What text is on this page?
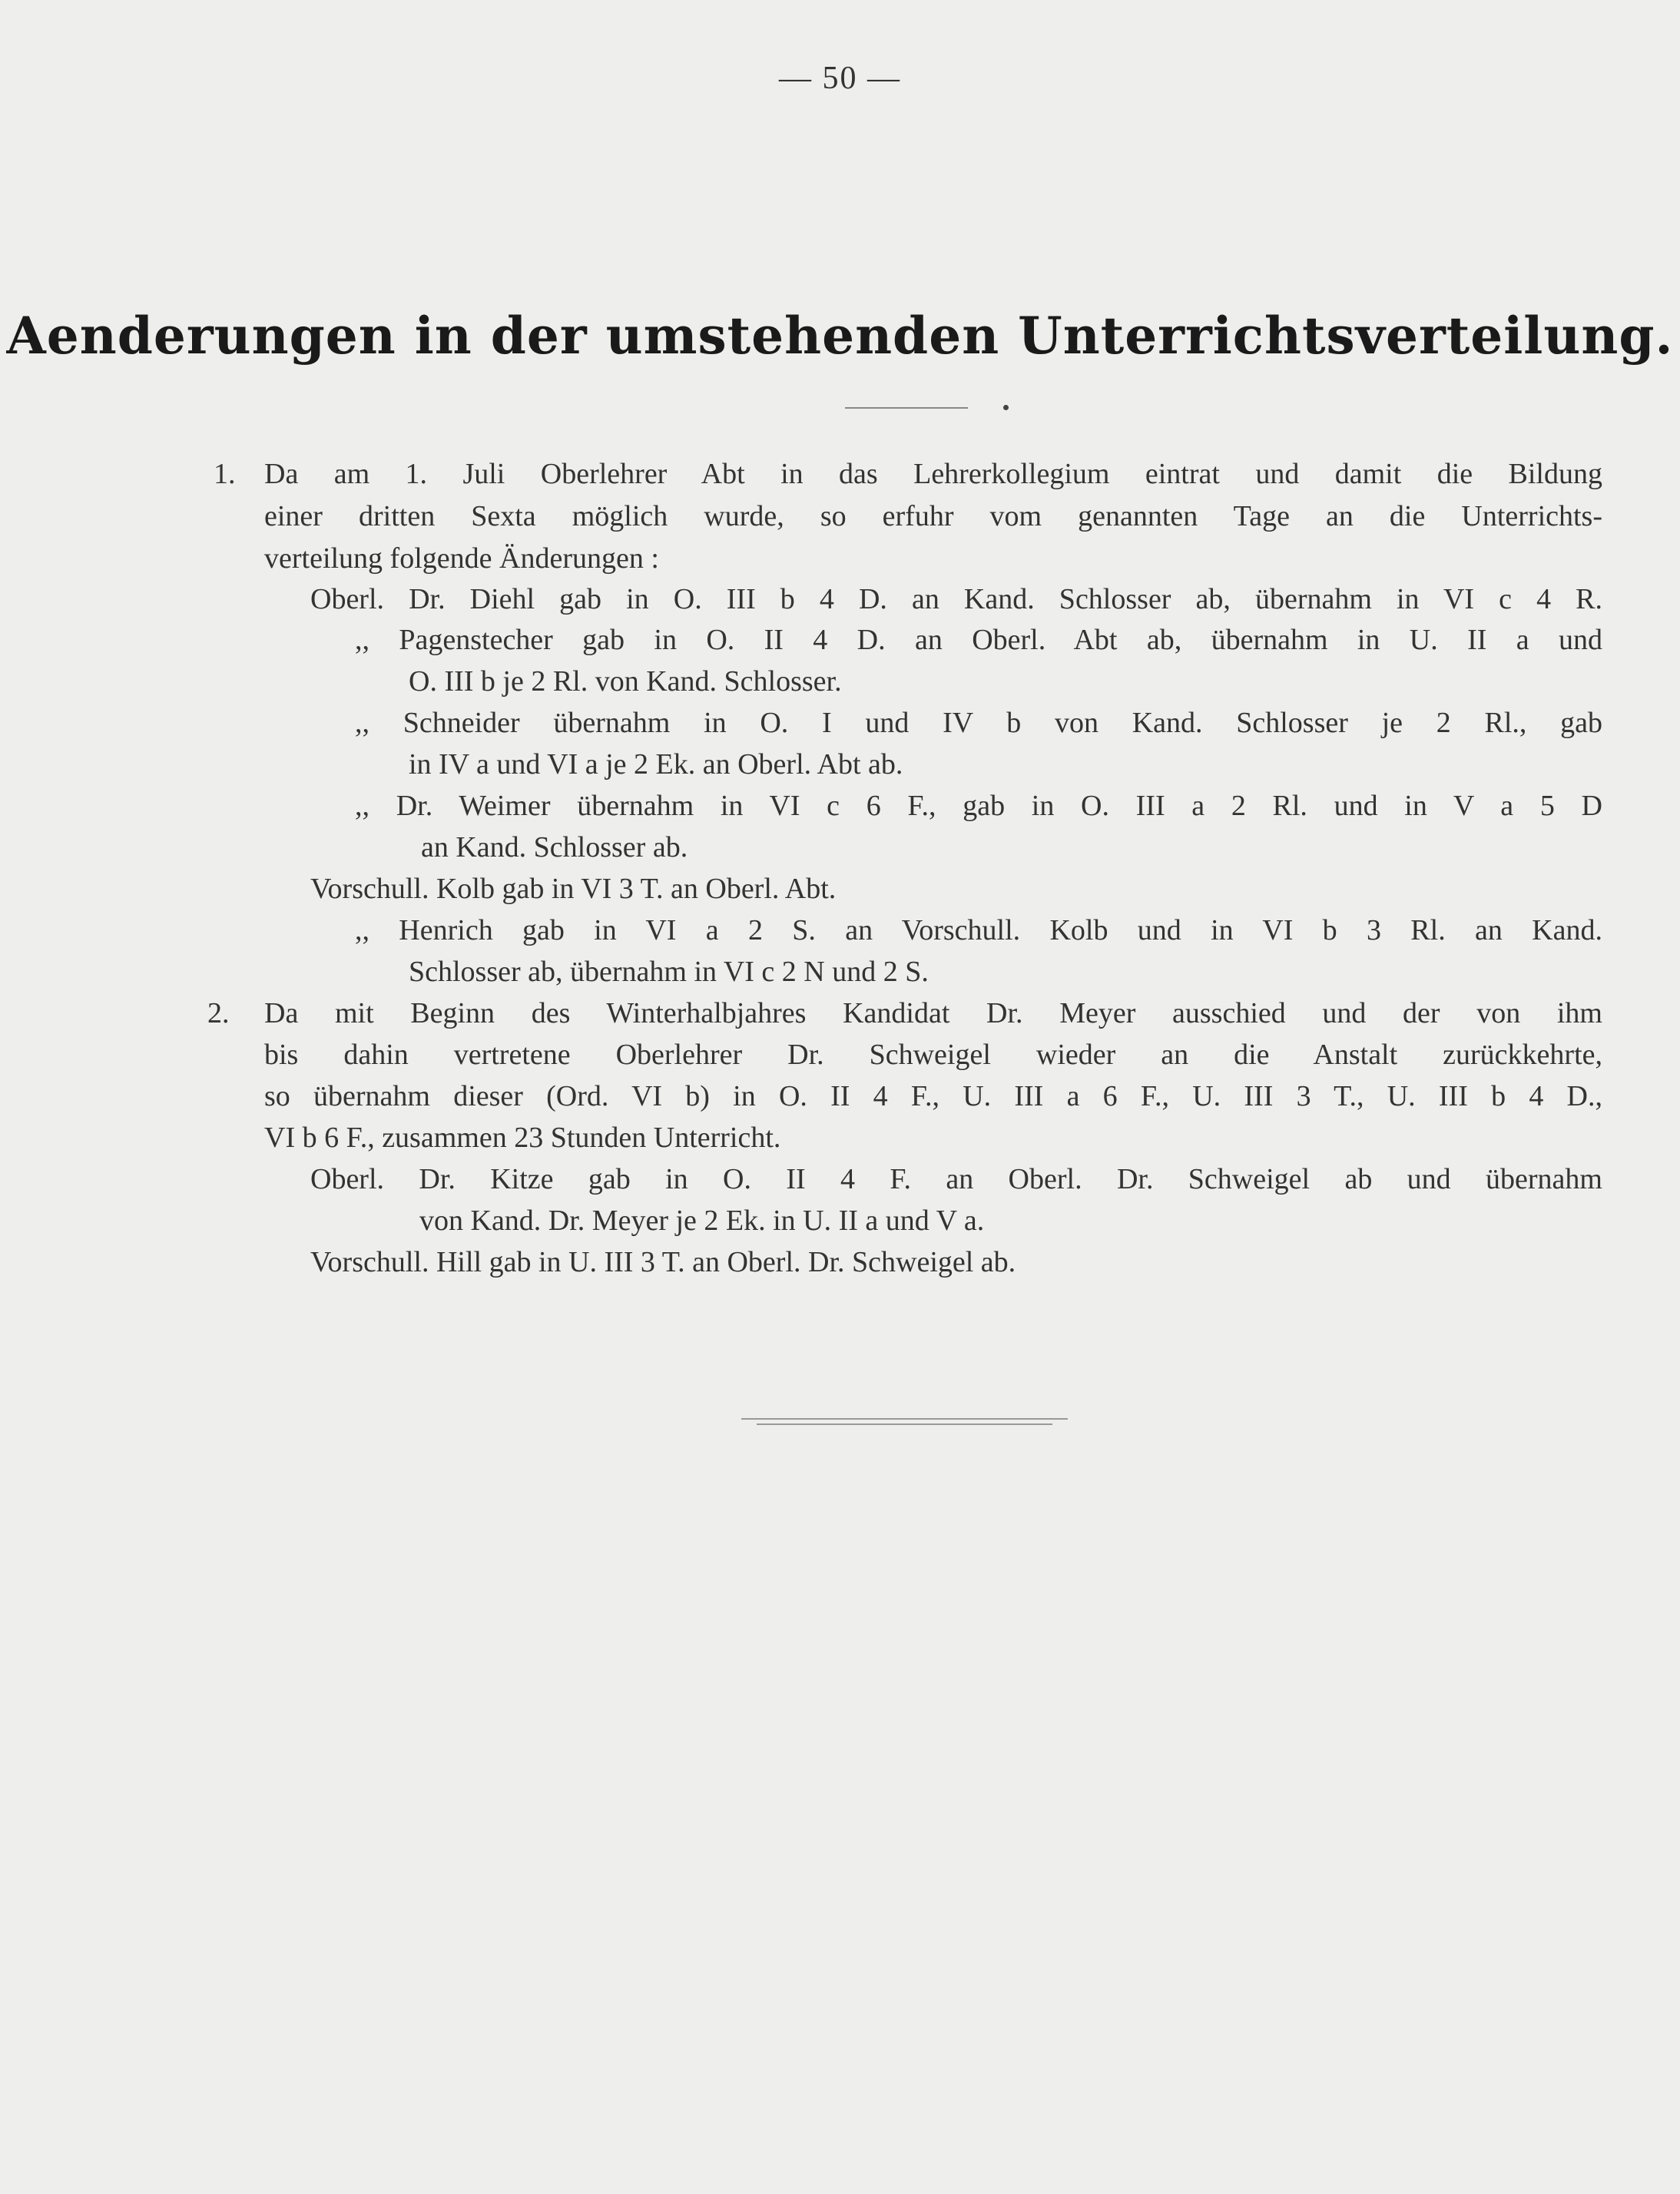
— 50 —
Aenderungen in der umstehenden Unterrichtsverteilung.
1. Da am 1. Juli Oberlehrer Abt in das Lehrerkollegium eintrat und damit die Bildung
einer dritten Sexta möglich wurde, so erfuhr vom genannten Tage an die Unterrichts-
verteilung folgende Änderungen :
Oberl. Dr. Diehl gab in O. III b 4 D. an Kand. Schlosser ab, übernahm in VI c 4 R.
,, Pagenstecher gab in O. II 4 D. an Oberl. Abt ab, übernahm in U. II a und
O. III b je 2 Rl. von Kand. Schlosser.
,, Schneider übernahm in O. I und IV b von Kand. Schlosser je 2 Rl., gab
in IV a und VI a je 2 Ek. an Oberl. Abt ab.
,, Dr. Weimer übernahm in VI c 6 F., gab in O. III a 2 Rl. und in V a 5 D
an Kand. Schlosser ab.
Vorschull. Kolb gab in VI 3 T. an Oberl. Abt.
,, Henrich gab in VI a 2 S. an Vorschull. Kolb und in VI b 3 Rl. an Kand.
Schlosser ab, übernahm in VI c 2 N und 2 S.
2. Da mit Beginn des Winterhalbjahres Kandidat Dr. Meyer ausschied und der von ihm
bis dahin vertretene Oberlehrer Dr. Schweigel wieder an die Anstalt zurückkehrte,
so übernahm dieser (Ord. VI b) in O. II 4 F., U. III a 6 F., U. III 3 T., U. III b 4 D.,
VI b 6 F., zusammen 23 Stunden Unterricht.
Oberl. Dr. Kitze gab in O. II 4 F. an Oberl. Dr. Schweigel ab und übernahm
von Kand. Dr. Meyer je 2 Ek. in U. II a und V a.
Vorschull. Hill gab in U. III 3 T. an Oberl. Dr. Schweigel ab.
